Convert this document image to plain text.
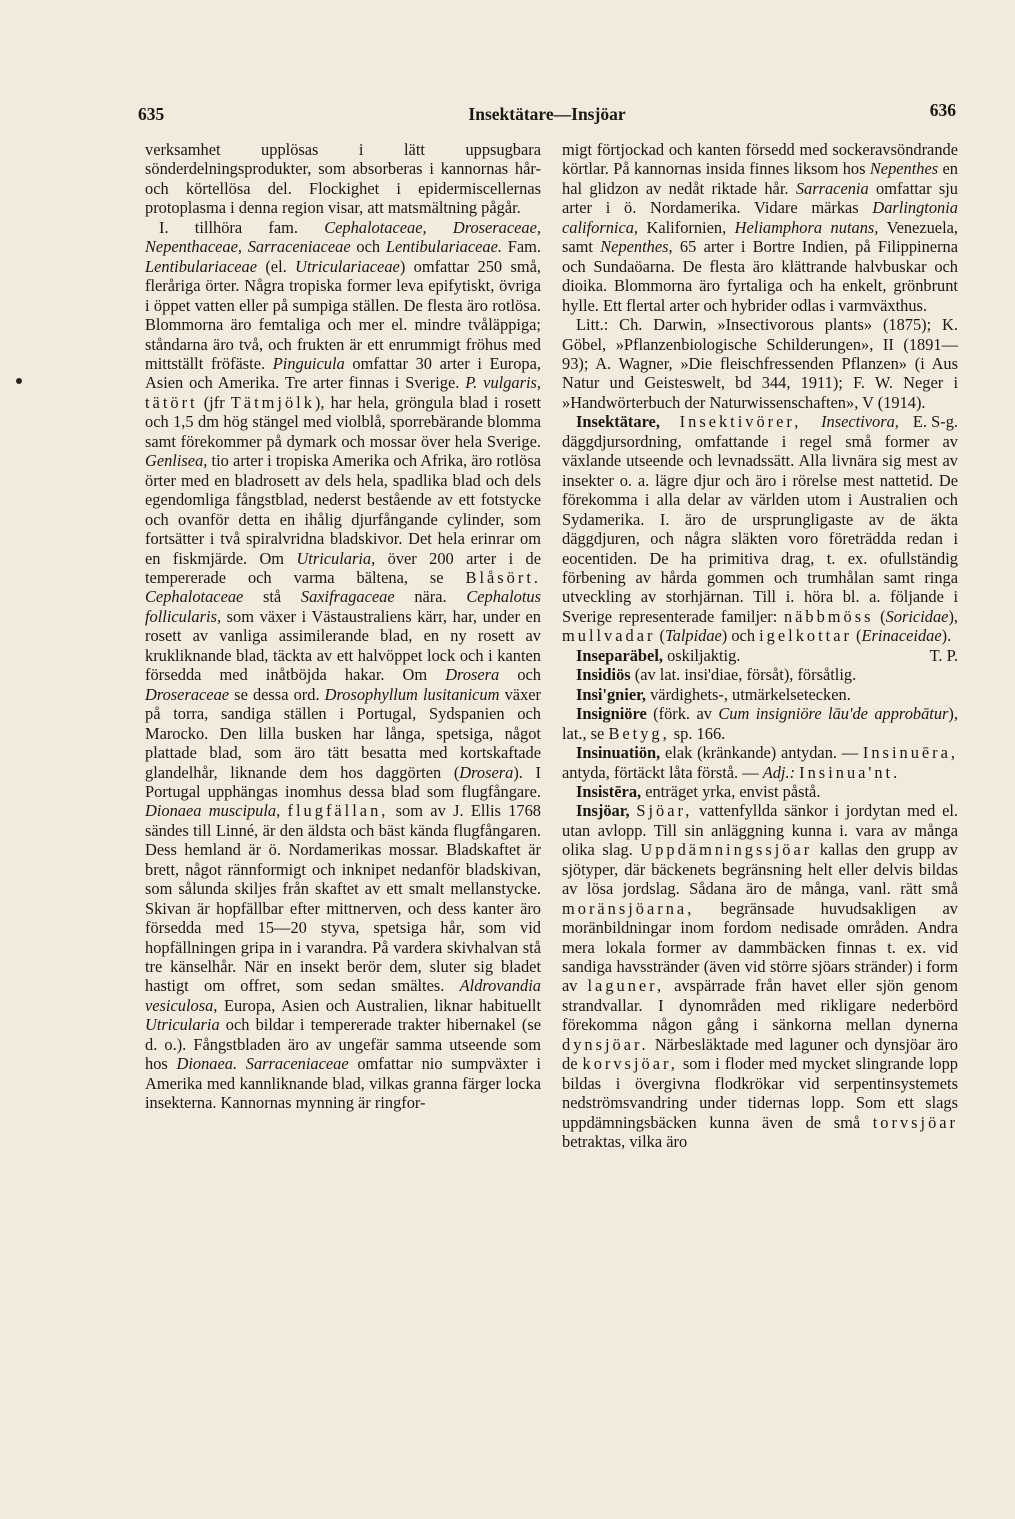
635	Insektätare—Insjöar	636

verksamhet upplösas i lätt uppsugbara sönderdelningsprodukter, som absorberas i kannornas hår- och körtellösa del. Flockighet i epidermiscellernas protoplasma i denna region visar, att matsmältning pågår.

I. tillhöra fam. Cephalotaceae, Droseraceae, Nepenthaceae, Sarraceniaceae och Lentibulariaceae. Fam. Lentibulariaceae (el. Utriculariaceae) omfattar 250 små, fleråriga örter. Några tropiska former leva epifytiskt, övriga i öppet vatten eller på sumpiga ställen. De flesta äro rotlösa. Blommorna äro femtaliga och mer el. mindre tvåläppiga; ståndarna äro två, och frukten är ett enrummigt fröhus med mittställt fröfäste. Pinguicula omfattar 30 arter i Europa, Asien och Amerika. Tre arter finnas i Sverige. P. vulgaris, tätört (jfr Tätmjölk), har hela, gröngula blad i rosett och 1,5 dm hög stängel med violblå, sporrebärande blomma samt förekommer på dymark och mossar över hela Sverige. Genlisea, tio arter i tropiska Amerika och Afrika, äro rotlösa örter med en bladrosett av dels hela, spadlika blad och dels egendomliga fångstblad, nederst bestående av ett fotstycke och ovanför detta en ihålig djurfångande cylinder, som fortsätter i två spiralvridna bladskivor. Det hela erinrar om en fiskmjärde. Om Utricularia, över 200 arter i de tempererade och varma bältena, se Blåsört. Cephalotaceae stå Saxifragaceae nära. Cephalotus follicularis, som växer i Västaustraliens kärr, har, under en rosett av vanliga assimilerande blad, en ny rosett av krukliknande blad, täckta av ett halvöppet lock och i kanten försedda med inåtböjda hakar. Om Drosera och Droseraceae se dessa ord. Drosophyllum lusitanicum växer på torra, sandiga ställen i Portugal, Sydspanien och Marocko. Den lilla busken har långa, spetsiga, något plattade blad, som äro tätt besatta med kortskaftade glandelhår, liknande dem hos daggörten (Drosera). I Portugal upphängas inomhus dessa blad som flugfångare. Dionaea muscipula, flugfällan, som av J. Ellis 1768 sändes till Linné, är den äldsta och bäst kända flugfångaren. Dess hemland är ö. Nordamerikas mossar. Bladskaftet är brett, något rännformigt och inknipet nedanför bladskivan, som sålunda skiljes från skaftet av ett smalt mellanstycke. Skivan är hopfällbar efter mittnerven, och dess kanter äro försedda med 15—20 styva, spetsiga hår, som vid hopfällningen gripa in i varandra. På vardera skivhalvan stå tre känselhår. När en insekt berör dem, sluter sig bladet hastigt om offret, som sedan smältes. Aldrovandia vesiculosa, Europa, Asien och Australien, liknar habituellt Utricularia och bildar i tempererade trakter hibernakel (se d. o.). Fångstbladen äro av ungefär samma utseende som hos Dionaea. Sarraceniaceae omfattar nio sumpväxter i Amerika med kannliknande blad, vilkas granna färger locka insekterna. Kannornas mynning är ringfor-

migt förtjockad och kanten försedd med sockeravsöndrande körtlar. På kannornas insida finnes liksom hos Nepenthes en hal glidzon av nedåt riktade hår. Sarracenia omfattar sju arter i ö. Nordamerika. Vidare märkas Darlingtonia californica, Kalifornien, Heliamphora nutans, Venezuela, samt Nepenthes, 65 arter i Bortre Indien, på Filippinerna och Sundaöarna. De flesta äro klättrande halvbuskar och dioika. Blommorna äro fyrtaliga och ha enkelt, grönbrunt hylle. Ett flertal arter och hybrider odlas i varmväxthus.

Litt.: Ch. Darwin, »Insectivorous plants» (1875); K. Göbel, »Pflanzenbiologische Schilderungen», II (1891—93); A. Wagner, »Die fleischfressenden Pflanzen» (i Aus Natur und Geisteswelt, bd 344, 1911); F. W. Neger i »Handwörterbuch der Naturwissenschaften», V (1914).
E. S-g.

Insektätare, Insektivörer, Insectivora, däggdjursordning, omfattande i regel små former av växlande utseende och levnadssätt. Alla livnära sig mest av insekter o. a. lägre djur och äro i rörelse mest nattetid. De förekomma i alla delar av världen utom i Australien och Sydamerika. I. äro de ursprungligaste av de äkta däggdjuren, och några släkten voro företrädda redan i eocentiden. De ha primitiva drag, t. ex. ofullständig förbening av hårda gommen och trumhålan samt ringa utveckling av storhjärnan. Till i. höra bl. a. följande i Sverige representerade familjer: näbbmöss (Soricidae), mullvadar (Talpidae) och igelkottar (Erinaceidae).
T. P.

Inseparäbel, oskiljaktig.

Insidiös (av lat. insi'diae, försåt), försåtlig.

Insi'gnier, värdighets-, utmärkelsetecken.

Insigniöre (förk. av Cum insigniöre lāu'de approbātur), lat., se Betyg, sp. 166.

Insinuatiön, elak (kränkande) antydan. — Insinuēra, antyda, förtäckt låta förstå. — Adj.: Insinua'nt.

Insistēra, enträget yrka, envist påstå.

Insjöar, Sjöar, vattenfyllda sänkor i jordytan med el. utan avlopp. Till sin anläggning kunna i. vara av många olika slag. Uppdämningssjöar kallas den grupp av sjötyper, där bäckenets begränsning helt eller delvis bildas av lösa jordslag. Sådana äro de många, vanl. rätt små moränsjöarna, begränsade huvudsakligen av moränbildningar inom fordom nedisade områden. Andra mera lokala former av dammbäcken finnas t. ex. vid sandiga havsstränder (även vid större sjöars stränder) i form av laguner, avspärrade från havet eller sjön genom strandvallar. I dynområden med rikligare nederbörd förekomma någon gång i sänkorna mellan dynerna dynsjöar. Närbesläktade med laguner och dynsjöar äro de korvsjöar, som i floder med mycket slingrande lopp bildas i övergivna flodkrökar vid serpentinsystemets nedströmsvandring under tidernas lopp. Som ett slags uppdämningsbäcken kunna även de små torvsjöar betraktas, vilka äro
